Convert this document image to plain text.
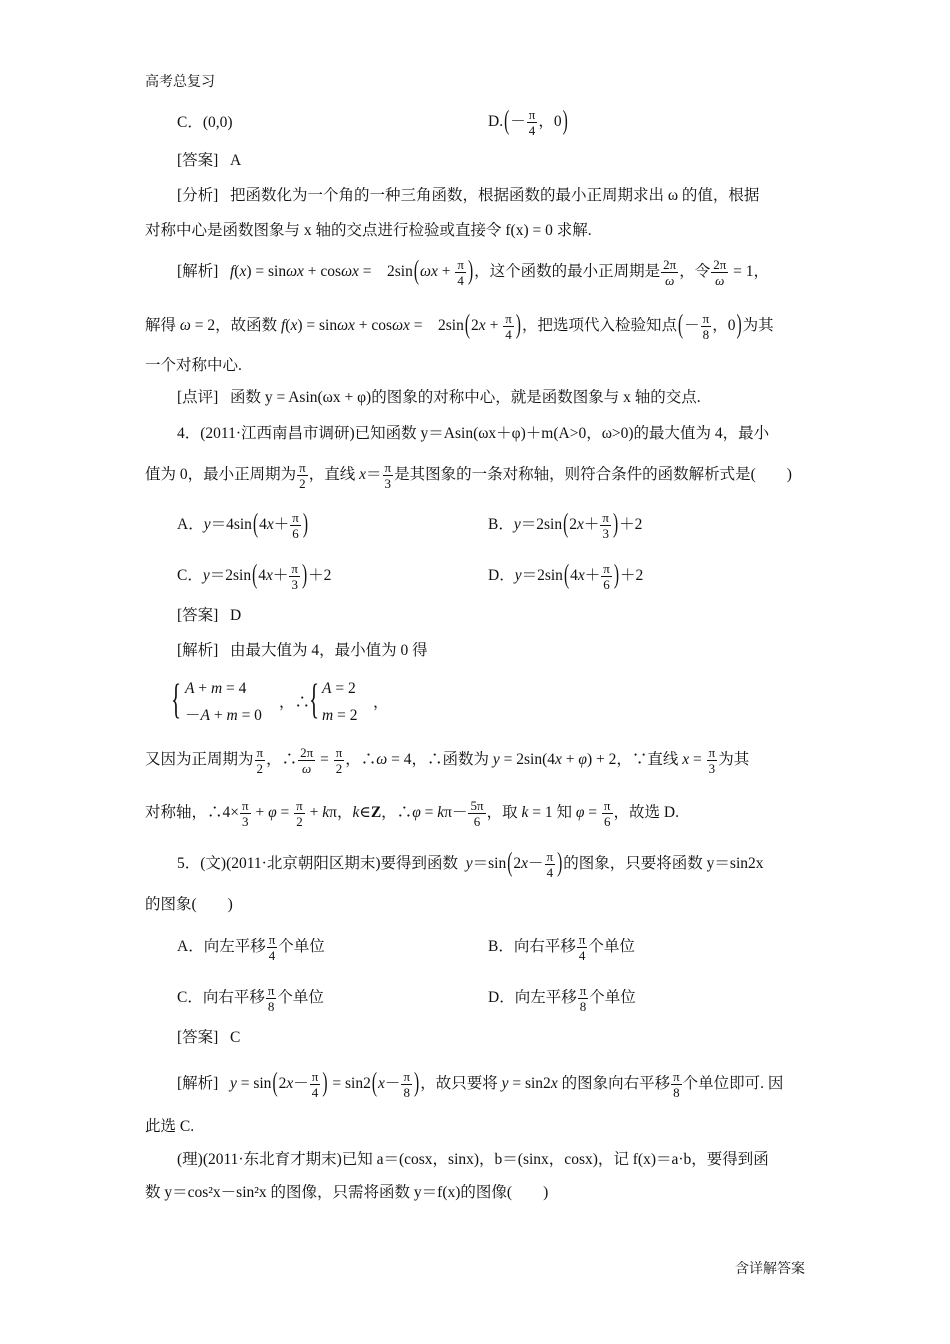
高考总复习
C．(0,0)	$D.(- \frac{\pi}{4}$ ，0)
[答案] A
[分析] 把函数化为一个角的一种三角函数，根据函数的最小正周期求出 ω 的值，根据
对称中心是函数图象与 x 轴的交点进行检验或直接令 f(x) = 0 求解.
[解析] f(x) = sinωx + cosωx =    $2\sin(\omega x + \frac{\pi}{4}$ )，这个函数的最小正周期是 $\frac{2\pi}{\omega}$ ，令 $\frac{2\pi}{\omega} = 1$，
解得 ω = 2，故函数 f(x) = sinωx + cosωx =    $2\sin(2x + \frac{\pi}{4}$ )，把选项代入检验知点(－ $\frac{\pi}{8}$ ，0)为其
一个对称中心.
[点评] 函数 y = Asin(ωx + φ)的图象的对称中心，就是函数图象与 x 轴的交点.
4．(2011·江西南昌市调研)已知函数 y＝Asin(ωx＋φ)＋m(A>0，ω>0)的最大值为 4，最小
值为 0，最小正周期为 $\frac{\pi}{2}$ ，直线 $x= \frac{\pi}{3}$ 是其图象的一条对称轴，则符合条件的函数解析式是(　　)
A．$y=4\sin(4x+ \frac{\pi}{6}$ )	B．$y=2\sin(2x+ \frac{\pi}{3} )+2$
C．$y=2\sin(4x+ \frac{\pi}{3} )+2$	D．$y=2\sin(4x+ \frac{\pi}{6} )+2$
[答案] D
[解析] 由最大值为 4，最小值为 0 得
{ A + m = 4
－A + m = 0
，∴
{ A = 2
m = 2
，
又因为正周期为 $\frac{\pi}{2}$ ，∴ $\frac{2\pi}{\omega} = \frac{\pi}{2}$ ，∴ω = 4，∴函数为 y = 2sin(4x + φ) + 2，∵直线 $x = \frac{\pi}{3}$ 为其
对称轴，∴4× $\frac{\pi}{3} + \varphi = \frac{\pi}{2} + k\pi$，k∈Z，∴φ = $k\pi- \frac{5\pi}{6}$ ，取 k = 1 知 $\varphi = \frac{\pi}{6}$ ，故选 D.
5．(文)(2011·北京朝阳区期末)要得到函数 $y=\sin(2x- \frac{\pi}{4}$ )的图象，只要将函数 y＝sin2x
的图象(　　)
A．向左平移 $\frac{\pi}{4}$ 个单位	B．向右平移 $\frac{\pi}{4}$ 个单位
C．向右平移 $\frac{\pi}{8}$ 个单位	D．向左平移 $\frac{\pi}{8}$ 个单位
[答案] C
[解析] $y = \sin(2x- \frac{\pi}{4}$ ) = $\sin 2(x- \frac{\pi}{8}$ )，故只要将 y = sin2x 的图象向右平移 $\frac{\pi}{8}$ 个单位即可. 因
此选 C.
(理)(2011·东北育才期末)已知 a＝(cosx，sinx)，b＝(sinx，cosx)，记 f(x)＝a·b，要得到函
数 y＝cos²x－sin²x 的图像，只需将函数 y＝f(x)的图像(　　)
含详解答案
